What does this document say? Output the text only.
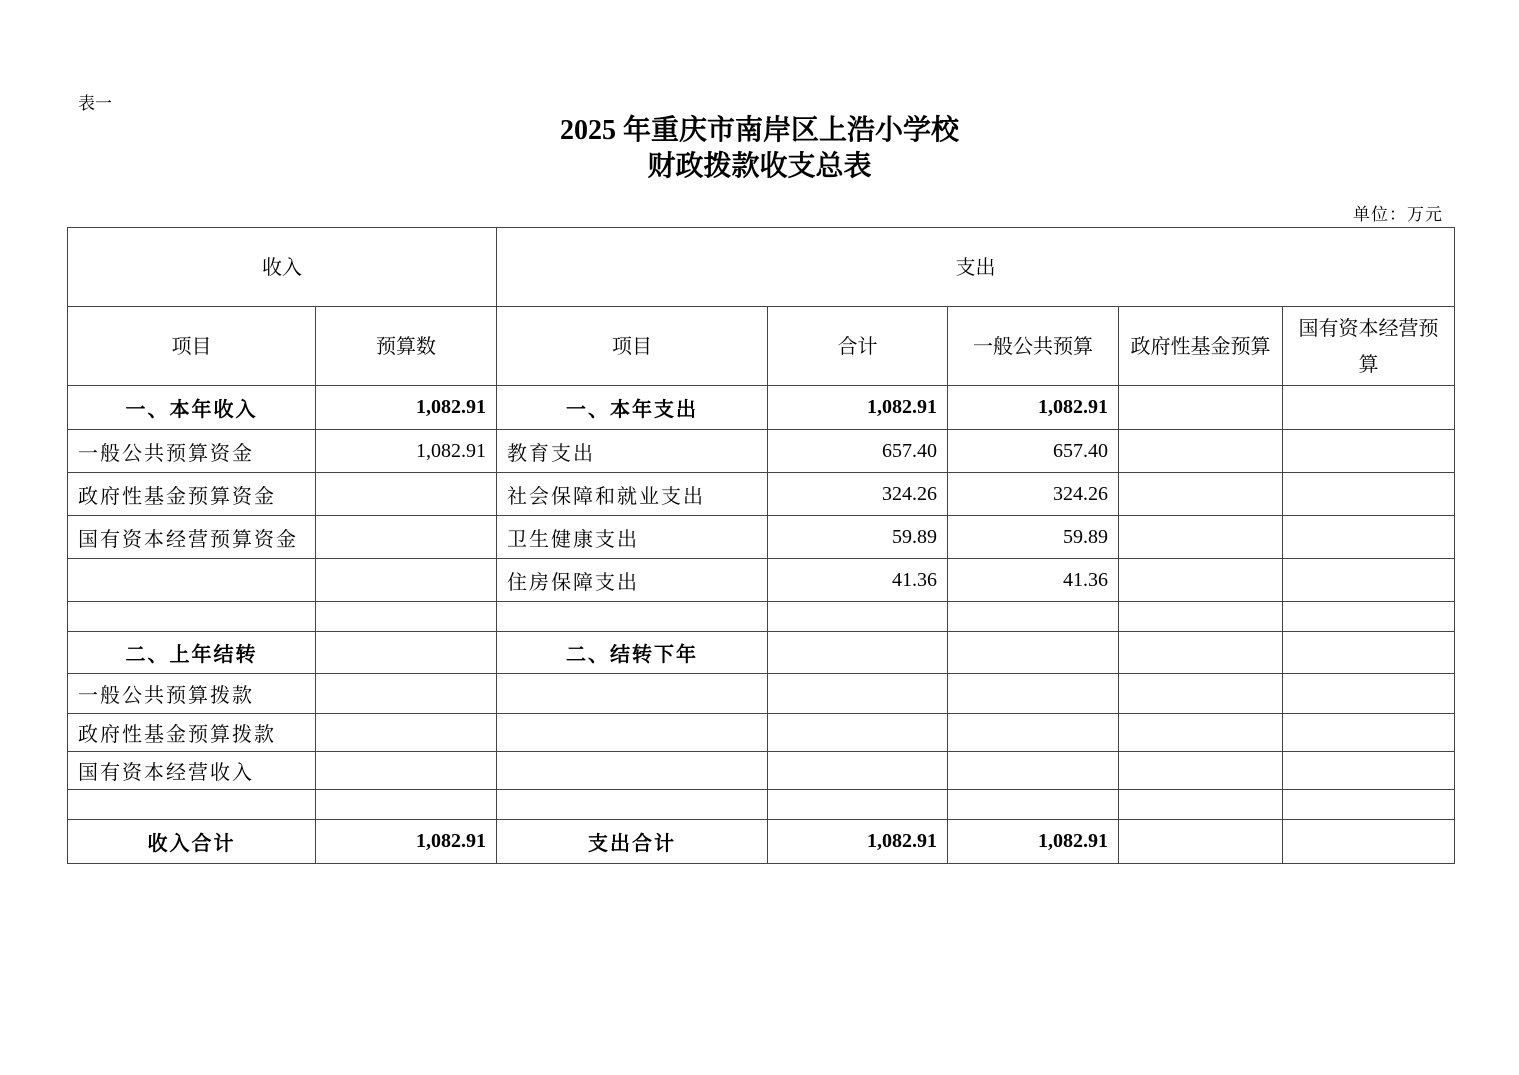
表一
2025 年重庆市南岸区上浩小学校
财政拨款收支总表
单位：万元
收入		支出				
项目	预算数	项目	合计	一般公共预算	政府性基金预算	国有资本经营预算
一、本年收入	1,082.91	一、本年支出	1,082.91	1,082.91		
一般公共预算资金	1,082.91	教育支出	657.40	657.40		
政府性基金预算资金		社会保障和就业支出	324.26	324.26		
国有资本经营预算资金		卫生健康支出	59.89	59.89		
		住房保障支出	41.36	41.36		

二、上年结转		二、结转下年				
一般公共预算拨款						
政府性基金预算拨款						
国有资本经营收入						

收入合计	1,082.91	支出合计	1,082.91	1,082.91		
